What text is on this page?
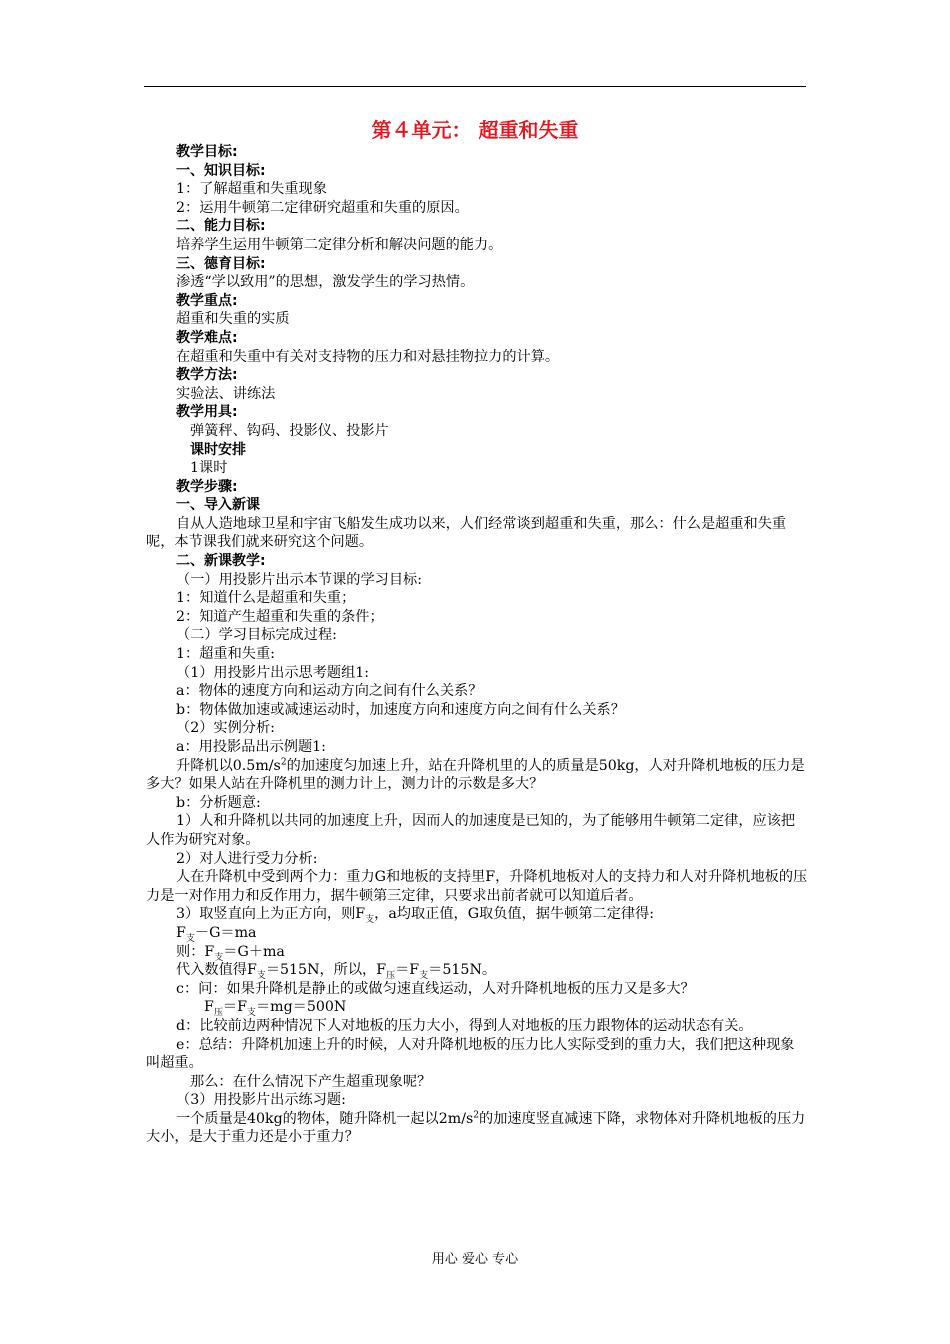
第４单元： 超重和失重

教学目标:

一、知识目标:

1：了解超重和失重现象

2：运用牛顿第二定律研究超重和失重的原因。

二、能力目标:

培养学生运用牛顿第二定律分析和解决问题的能力。

三、德育目标:

渗透“学以致用”的思想，激发学生的学习热情。

教学重点:

超重和失重的实质

教学难点:

在超重和失重中有关对支持物的压力和对悬挂物拉力的计算。

教学方法:

实验法、讲练法

教学用具:

弹簧秤、钩码、投影仪、投影片

课时安排

1课时

教学步骤:

一、导入新课

自从人造地球卫星和宇宙飞船发生成功以来，人们经常谈到超重和失重，那么：什么是超重和失重呢，本节课我们就来研究这个问题。

二、新课教学:

（一）用投影片出示本节课的学习目标:

1：知道什么是超重和失重；

2：知道产生超重和失重的条件；

（二）学习目标完成过程:

1：超重和失重:

（1）用投影片出示思考题组1:

a：物体的速度方向和运动方向之间有什么关系？

b：物体做加速或减速运动时，加速度方向和速度方向之间有什么关系？

（2）实例分析:

a：用投影品出示例题1:

升降机以$0.5m/s^2$的加速度匀加速上升，站在升降机里的人的质量是50kg，人对升降机地板的压力是多大？如果人站在升降机里的测力计上，测力计的示数是多大？

b：分析题意:

1）人和升降机以共同的加速度上升，因而人的加速度是已知的，为了能够用牛顿第二定律，应该把人作为研究对象。

2）对人进行受力分析:

人在升降机中受到两个力：重力G和地板的支持里F，升降机地板对人的支持力和人对升降机地板的压力是一对作用力和反作用力，据牛顿第三定律，只要求出前者就可以知道后者。

3）取竖直向上为正方向，则$F_支$，a均取正值，G取负值，据牛顿第二定律得:

$F_支-G=ma$

则：$F_支=G+ma$

代入数值得$F_支=515N$，所以，$F_压=F_支=515N$。

c：问：如果升降机是静止的或做匀速直线运动，人对升降机地板的压力又是多大？

$F_压=F_支=mg=500N$

d：比较前边两种情况下人对地板的压力大小，得到人对地板的压力跟物体的运动状态有关。

e：总结：升降机加速上升的时候，人对升降机地板的压力比人实际受到的重力大，我们把这种现象叫超重。

那么：在什么情况下产生超重现象呢？

（3）用投影片出示练习题:

一个质量是40kg的物体，随升降机一起以$2m/s^2$的加速度竖直减速下降，求物体对升降机地板的压力大小，是大于重力还是小于重力？

用心 爱心 专心
